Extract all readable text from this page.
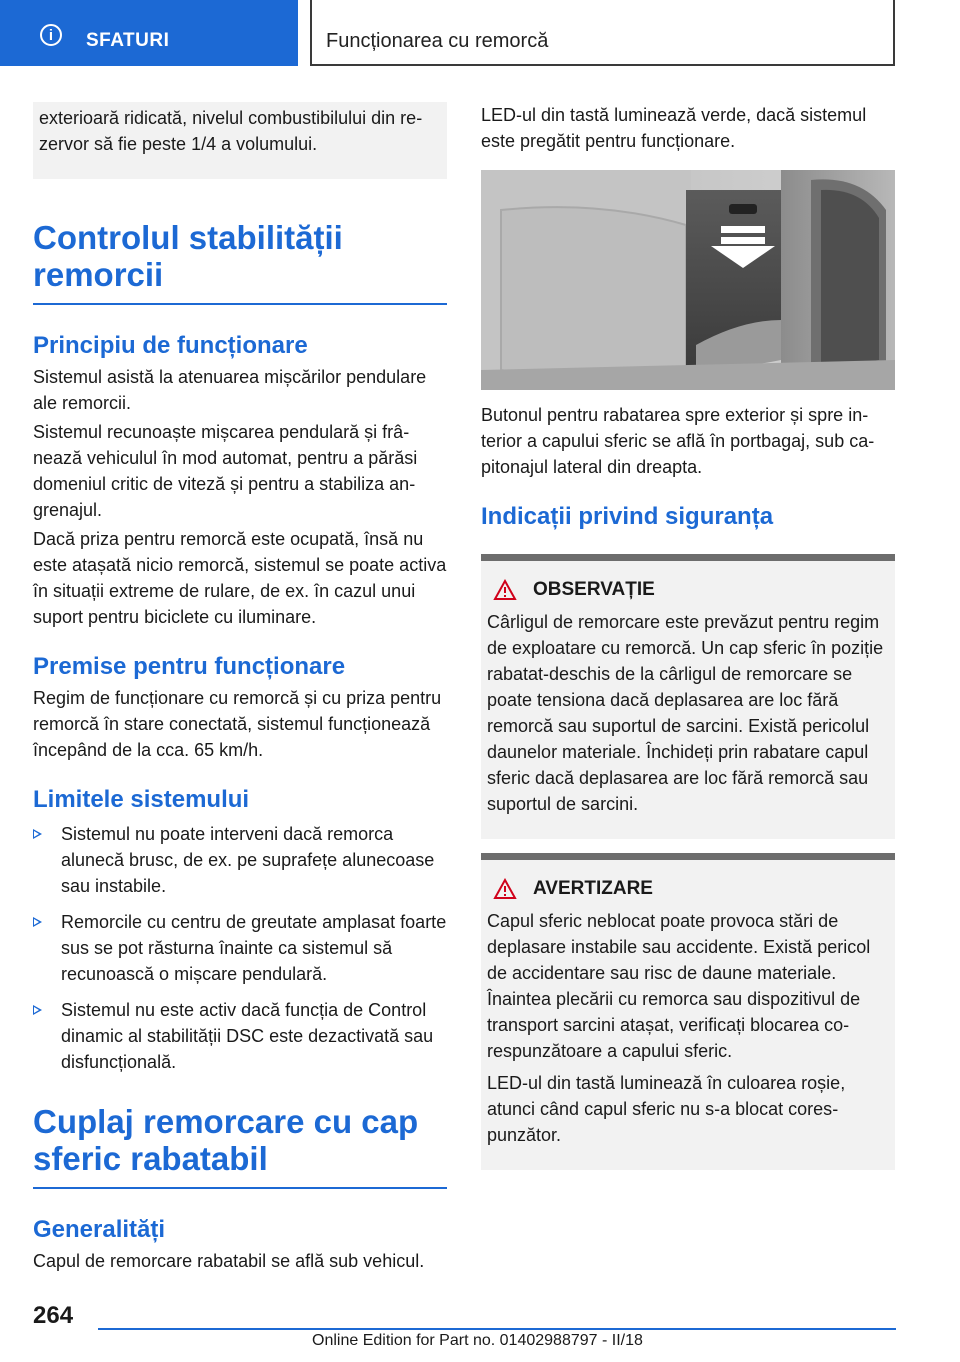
i	SFATURI	Funcționarea cu remorcă
exterioară ridicată, nivelul combustibilului din rezervor să fie peste 1/4 a volumului.
Controlul stabilității remorcii
Principiu de funcționare
Sistemul asistă la atenuarea mișcărilor pendulare ale remorcii.
Sistemul recunoaște mișcarea pendulară și frânează vehiculul în mod automat, pentru a părăsi domeniul critic de viteză și pentru a stabiliza angrenajul.
Dacă priza pentru remorcă este ocupată, însă nu este atașată nicio remorcă, sistemul se poate activa în situații extreme de rulare, de ex. în cazul unui suport pentru biciclete cu iluminare.
Premise pentru funcționare
Regim de funcționare cu remorcă și cu priza pentru remorcă în stare conectată, sistemul funcționează începând de la cca. 65 km/h.
Limitele sistemului
Sistemul nu poate interveni dacă remorca alunecă brusc, de ex. pe suprafețe alunecoase sau instabile.
Remorcile cu centru de greutate amplasat foarte sus se pot răsturna înainte ca sistemul să recunoască o mișcare pendulară.
Sistemul nu este activ dacă funcția de Control dinamic al stabilității DSC este dezactivată sau disfuncțională.
Cuplaj remorcare cu cap sferic rabatabil
Generalități
Capul de remorcare rabatabil se află sub vehicul.
LED-ul din tastă luminează verde, dacă sistemul este pregătit pentru funcționare.
Butonul pentru rabatarea spre exterior și spre interior a capului sferic se află în portbagaj, sub capitonajul lateral din dreapta.
Indicații privind siguranța
OBSERVAȚIE
Cârligul de remorcare este prevăzut pentru regim de exploatare cu remorcă. Un cap sferic în poziție rabatat-deschis de la cârligul de remorcare se poate tensiona dacă deplasarea are loc fără remorcă sau suportul de sarcini. Există pericolul daunelor materiale. Închideți prin rabatare capul sferic dacă deplasarea are loc fără remorcă sau suportul de sarcini.
AVERTIZARE
Capul sferic neblocat poate provoca stări de deplasare instabile sau accidente. Există pericol de accidentare sau risc de daune materiale. Înaintea plecării cu remorca sau dispozitivul de transport sarcini atașat, verificați blocarea corespunzătoare a capului sferic.
LED-ul din tastă luminează în culoarea roșie, atunci când capul sferic nu s-a blocat corespunzător.
264
Online Edition for Part no. 01402988797 - II/18
